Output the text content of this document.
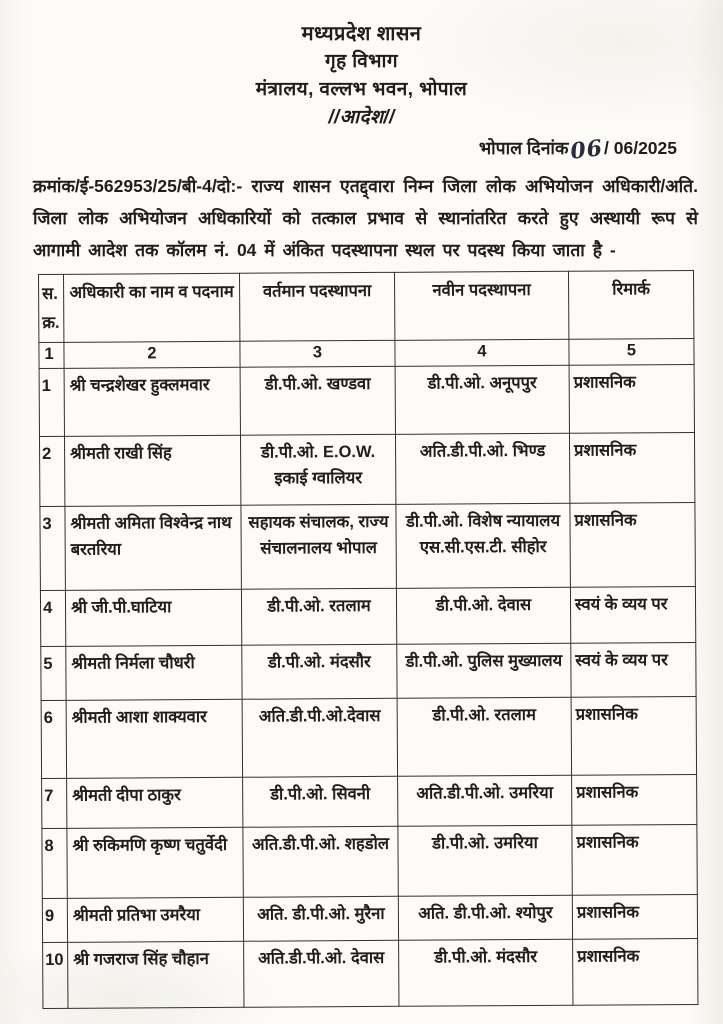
मध्यप्रदेश शासन
गृह विभाग
मंत्रालय, वल्लभ भवन, भोपाल
//आदेश//
भोपाल दिनांक06/ 06/2025

क्रमांक/ई-562953/25/बी-4/दो:- राज्य शासन एतद्द्वारा निम्न जिला लोक अभियोजन अधिकारी/अति. जिला लोक अभियोजन अधिकारियों को तत्काल प्रभाव से स्थानांतरित करते हुए अस्थायी रूप से आगामी आदेश तक कॉलम नं. 04 में अंकित पदस्थापना स्थल पर पदस्थ किया जाता है -

स. क्र.	अधिकारी का नाम व पदनाम	वर्तमान पदस्थापना	नवीन पदस्थापना	रिमार्क
1	2	3	4	5
1	श्री चन्द्रशेखर हुक्लमवार	डी.पी.ओ. खण्डवा	डी.पी.ओ. अनूपपुर	प्रशासनिक
2	श्रीमती राखी सिंह	डी.पी.ओ. E.O.W. इकाई ग्वालियर	अति.डी.पी.ओ. भिण्ड	प्रशासनिक
3	श्रीमती अमिता विश्वेन्द्र नाथ बरतरिया	सहायक संचालक, राज्य संचालनालय भोपाल	डी.पी.ओ. विशेष न्यायालय एस.सी.एस.टी. सीहोर	प्रशासनिक
4	श्री जी.पी.घाटिया	डी.पी.ओ. रतलाम	डी.पी.ओ. देवास	स्वयं के व्यय पर
5	श्रीमती निर्मला चौधरी	डी.पी.ओ. मंदसौर	डी.पी.ओ. पुलिस मुख्यालय	स्वयं के व्यय पर
6	श्रीमती आशा शाक्यवार	अति.डी.पी.ओ.देवास	डी.पी.ओ. रतलाम	प्रशासनिक
7	श्रीमती दीपा ठाकुर	डी.पी.ओ. सिवनी	अति.डी.पी.ओ. उमरिया	प्रशासनिक
8	श्री रुकिमणि कृष्ण चतुर्वेदी	अति.डी.पी.ओ. शहडोल	डी.पी.ओ. उमरिया	प्रशासनिक
9	श्रीमती प्रतिभा उमरैया	अति. डी.पी.ओ. मुरैना	अति. डी.पी.ओ. श्योपुर	प्रशासनिक
10	श्री गजराज सिंह चौहान	अति.डी.पी.ओ. देवास	डी.पी.ओ. मंदसौर	प्रशासनिक
